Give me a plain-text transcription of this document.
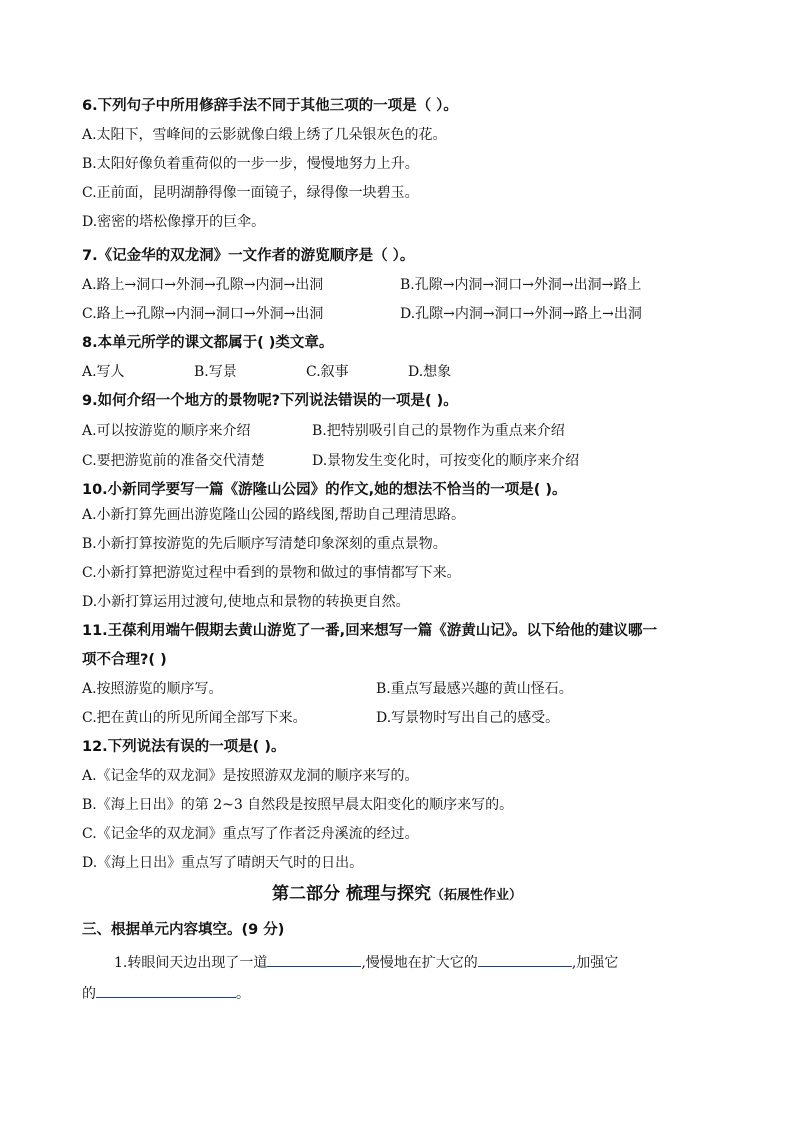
6.下列句子中所用修辞手法不同于其他三项的一项是（ ）。
A.太阳下，雪峰间的云影就像白缎上绣了几朵银灰色的花。
B.太阳好像负着重荷似的一步一步，慢慢地努力上升。
C.正前面，昆明湖静得像一面镜子，绿得像一块碧玉。
D.密密的塔松像撑开的巨伞。
7.《记金华的双龙洞》一文作者的游览顺序是（ ）。
A.路上→洞口→外洞→孔隙→内洞→出洞	B.孔隙→内洞→洞口→外洞→出洞→路上
C.路上→孔隙→内洞→洞口→外洞→出洞	D.孔隙→内洞→洞口→外洞→路上→出洞
8.本单元所学的课文都属于( )类文章。
A.写人	B.写景	C.叙事	D.想象
9.如何介绍一个地方的景物呢?下列说法错误的一项是( )。
A.可以按游览的顺序来介绍	B.把特别吸引自己的景物作为重点来介绍
C.要把游览前的准备交代清楚	D.景物发生变化时，可按变化的顺序来介绍
10.小新同学要写一篇《游隆山公园》的作文,她的想法不恰当的一项是( )。
A.小新打算先画出游览隆山公园的路线图,帮助自己理清思路。
B.小新打算按游览的先后顺序写清楚印象深刻的重点景物。
C.小新打算把游览过程中看到的景物和做过的事情都写下来。
D.小新打算运用过渡句,使地点和景物的转换更自然。
11.王葆利用端午假期去黄山游览了一番,回来想写一篇《游黄山记》。以下给他的建议哪一
项不合理?( )
A.按照游览的顺序写。	B.重点写最感兴趣的黄山怪石。
C.把在黄山的所见所闻全部写下来。	D.写景物时写出自己的感受。
12.下列说法有误的一项是( )。
A.《记金华的双龙洞》是按照游双龙洞的顺序来写的。
B.《海上日出》的第 2~3 自然段是按照早晨太阳变化的顺序来写的。
C.《记金华的双龙洞》重点写了作者泛舟溪流的经过。
D.《海上日出》重点写了晴朗天气时的日出。
第二部分 梳理与探究（拓展性作业）
三、根据单元内容填空。(9 分)
1.转眼间天边出现了一道	,慢慢地在扩大它的	,加强它
的	。
